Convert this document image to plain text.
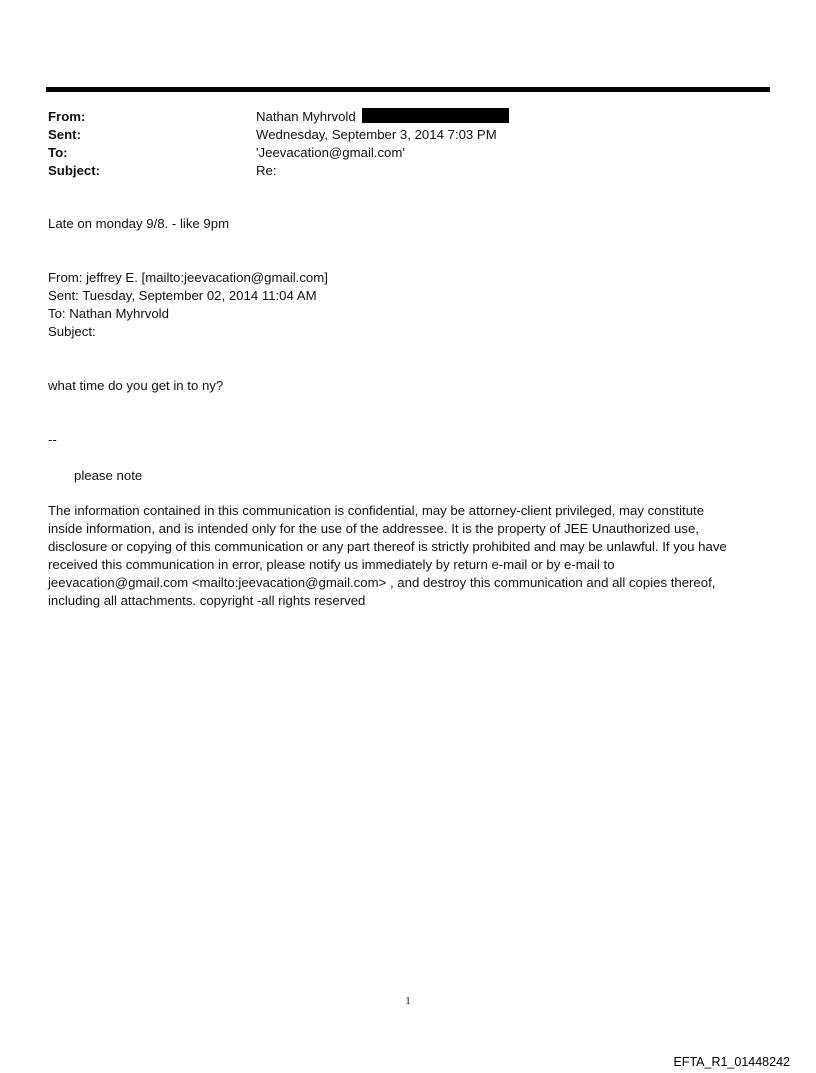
From:	Nathan Myhrvold
Sent:	Wednesday, September 3, 2014 7:03 PM
To:	'Jeevacation@gmail.com'
Subject:	Re:
Late on monday 9/8. - like 9pm
From: jeffrey E. [mailto:jeevacation@gmail.com]
Sent: Tuesday, September 02, 2014 11:04 AM
To: Nathan Myhrvold
Subject:
what time do you get in to ny?
--
please note
The information contained in this communication is confidential, may be attorney-client privileged, may constitute
inside information, and is intended only for the use of the addressee. It is the property of JEE Unauthorized use,
disclosure or copying of this communication or any part thereof is strictly prohibited and may be unlawful. If you have
received this communication in error, please notify us immediately by return e-mail or by e-mail to
jeevacation@gmail.com <mailto:jeevacation@gmail.com> , and destroy this communication and all copies thereof,
including all attachments. copyright -all rights reserved
1
EFTA_R1_01448242
